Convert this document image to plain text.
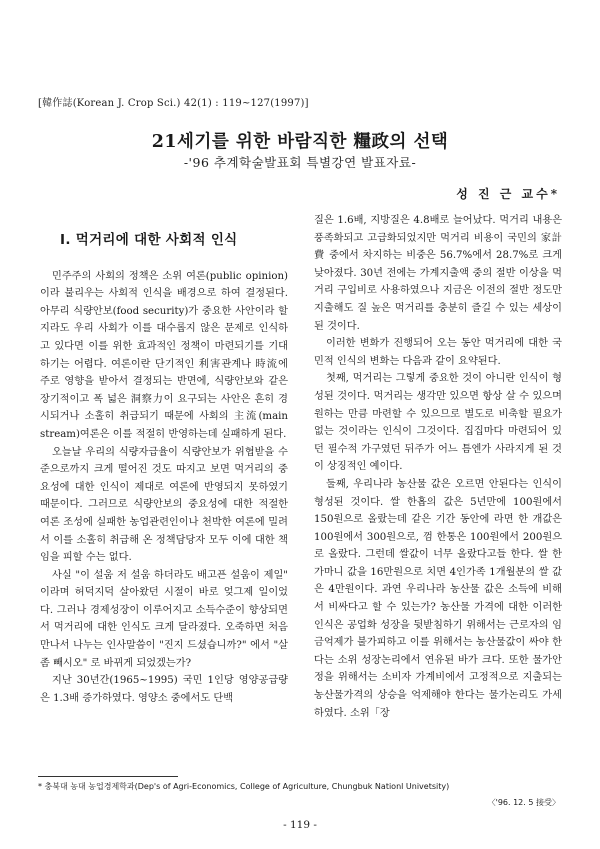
[韓作誌(Korean J. Crop Sci.) 42(1) : 119~127(1997)]
21세기를 위한 바람직한 糧政의 선택
-'96 추계학술발표회 특별강연 발표자료-
성 진 근 교수*
Ⅰ. 먹거리에 대한 사회적 인식

민주주의 사회의 정책은 소위 여론(public opinion)이라 불리우는 사회적 인식을 배경으로 하여 결정된다. 아무리 식량안보(food security)가 중요한 사안이라 할지라도 우리 사회가 이를 대수롭지 않은 문제로 인식하고 있다면 이를 위한 효과적인 정책이 마련되기를 기대하기는 어렵다. 여론이란 단기적인 利害관계나 時流에 주로 영향을 받아서 결정되는 반면에, 식량안보와 같은 장기적이고 폭 넓은 洞察力이 요구되는 사안은 흔히 경시되거나 소홀히 취급되기 때문에 사회의 主流(main stream)여론은 이를 적절히 반영하는데 실패하게 된다.

오늘날 우리의 식량자급율이 식량안보가 위협받을 수준으로까지 크게 떨어진 것도 따지고 보면 먹거리의 중요성에 대한 인식이 제대로 여론에 반영되지 못하였기 때문이다. 그러므로 식량안보의 중요성에 대한 적절한 여론 조성에 실패한 농업관련인이나 천박한 여론에 밀려서 이를 소홀히 취급해 온 정책담당자 모두 이에 대한 책임을 피할 수는 없다.

사실 "이 설움 저 설움 하더라도 배고픈 설움이 제일" 이라며 허덕지덕 살아왔던 시절이 바로 엊그제 일이었다. 그러나 경제성장이 이루어지고 소득수준이 향상되면서 먹거리에 대한 인식도 크게 달라졌다. 오죽하면 처음 만나서 나누는 인사말씀이 "진지 드셨습니까?" 에서 "살 좀 빼시오" 로 바뀌게 되었겠는가?

지난 30년간(1965~1995) 국민 1인당 영양공급량은 1.3배 증가하였다. 영양소 중에서도 단백

질은 1.6배, 지방질은 4.8배로 늘어났다. 먹거리 내용은 풍족화되고 고급화되었지만 먹거리 비용이 국민의 家計費 중에서 차지하는 비중은 56.7%에서 28.7%로 크게 낮아졌다. 30년 전에는 가계지출액 중의 절반 이상을 먹거리 구입비로 사용하였으나 지금은 이전의 절반 정도만 지출해도 질 높은 먹거리를 충분히 즐길 수 있는 세상이 된 것이다.

이러한 변화가 진행되어 오는 동안 먹거리에 대한 국민적 인식의 변화는 다음과 같이 요약된다.

첫째, 먹거리는 그렇게 중요한 것이 아니란 인식이 형성된 것이다. 먹거리는 생각만 있으면 항상 살 수 있으며 원하는 만큼 마련할 수 있으므로 별도로 비축할 필요가 없는 것이라는 인식이 그것이다. 집집마다 마련되어 있던 필수적 가구였던 뒤주가 어느 틈엔가 사라지게 된 것이 상징적인 예이다.

둘째, 우리나라 농산물 값은 오르면 안된다는 인식이 형성된 것이다. 쌀 한홉의 값은 5년만에 100원에서 150원으로 올랐는데 같은 기간 동안에 라면 한 개값은 100원에서 300원으로, 껌 한통은 100원에서 200원으로 올랐다. 그런데 쌀값이 너무 올랐다고들 한다. 쌀 한가마니 값을 16만원으로 치면 4인가족 1개월분의 쌀 값은 4만원이다. 과연 우리나라 농산물 값은 소득에 비해서 비싸다고 할 수 있는가? 농산물 가격에 대한 이러한 인식은 공업화 성장을 뒷받침하기 위해서는 근로자의 임금억제가 불가피하고 이를 위해서는 농산물값이 싸야 한다는 소위 성장논리에서 연유된 바가 크다. 또한 물가안정을 위해서는 소비자 가계비에서 고정적으로 지출되는 농산물가격의 상승을 억제해야 한다는 물가논리도 가세하였다. 소위「장

* 충북대 농대 농업경제학과(Dep's of Agri-Economics, College of Agriculture, Chungbuk Nationl Univetsity)
〈'96. 12. 5 接受〉
- 119 -
